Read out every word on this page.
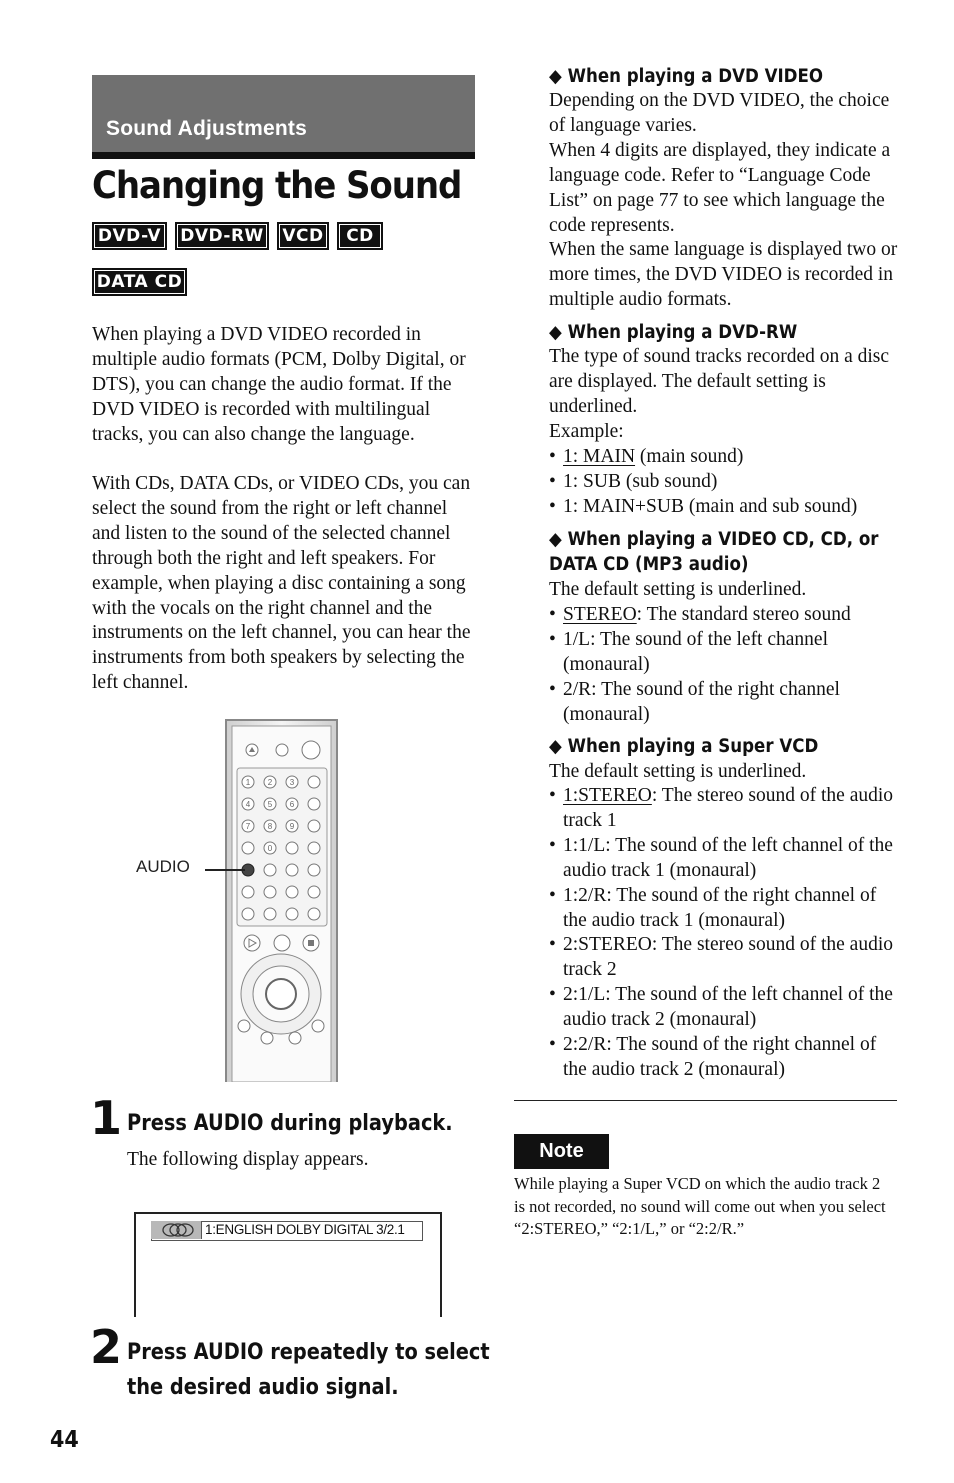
Sound Adjustments
Changing the Sound
DVD-V	DVD-RW	VCD	CD
DATA CD
When playing a DVD VIDEO recorded in multiple audio formats (PCM, Dolby Digital, or DTS), you can change the audio format. If the DVD VIDEO is recorded with multilingual tracks, you can also change the language.
With CDs, DATA CDs, or VIDEO CDs, you can select the sound from the right or left channel and listen to the sound of the selected channel through both the right and left speakers. For example, when playing a disc containing a song with the vocals on the right channel and the instruments on the left channel, you can hear the instruments from both speakers by selecting the left channel.
1 2 3
4 5 6
7 8 9
0
AUDIO
1 Press AUDIO during playback.
The following display appears.
1:ENGLISH DOLBY DIGITAL 3/2.1
2 Press AUDIO repeatedly to select
the desired audio signal.
44
◆ When playing a DVD VIDEO
Depending on the DVD VIDEO, the choice of language varies.
When 4 digits are displayed, they indicate a language code. Refer to “Language Code List” on page 77 to see which language the code represents.
When the same language is displayed two or more times, the DVD VIDEO is recorded in multiple audio formats.
◆ When playing a DVD-RW
The type of sound tracks recorded on a disc are displayed. The default setting is underlined.
Example:
• 1: MAIN (main sound)
• 1: SUB (sub sound)
• 1: MAIN+SUB (main and sub sound)
◆ When playing a VIDEO CD, CD, or
DATA CD (MP3 audio)
The default setting is underlined.
• STEREO: The standard stereo sound
• 1/L: The sound of the left channel (monaural)
• 2/R: The sound of the right channel (monaural)
◆ When playing a Super VCD
The default setting is underlined.
• 1:STEREO: The stereo sound of the audio track 1
• 1:1/L: The sound of the left channel of the audio track 1 (monaural)
• 1:2/R: The sound of the right channel of the audio track 1 (monaural)
• 2:STEREO: The stereo sound of the audio track 2
• 2:1/L: The sound of the left channel of the audio track 2 (monaural)
• 2:2/R: The sound of the right channel of the audio track 2 (monaural)
Note
While playing a Super VCD on which the audio track 2 is not recorded, no sound will come out when you select “2:STEREO,” “2:1/L,” or “2:2/R.”
